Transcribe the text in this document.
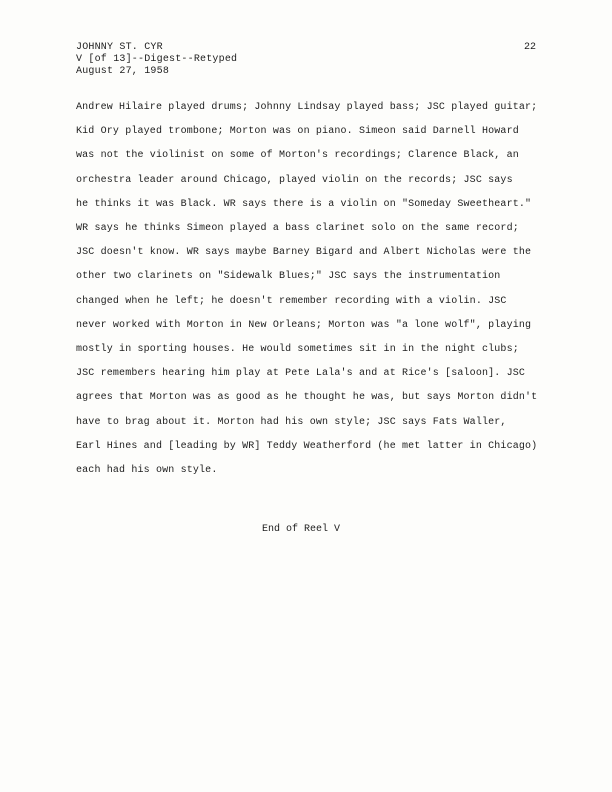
JOHNNY ST. CYR
V [of 13]--Digest--Retyped
August 27, 1958
22
Andrew Hilaire played drums; Johnny Lindsay played bass; JSC played guitar;
Kid Ory played trombone; Morton was on piano. Simeon said Darnell Howard
was not the violinist on some of Morton's recordings; Clarence Black, an
orchestra leader around Chicago, played violin on the records; JSC says
he thinks it was Black. WR says there is a violin on "Someday Sweetheart."
WR says he thinks Simeon played a bass clarinet solo on the same record;
JSC doesn't know. WR says maybe Barney Bigard and Albert Nicholas were the
other two clarinets on "Sidewalk Blues;" JSC says the instrumentation
changed when he left; he doesn't remember recording with a violin. JSC
never worked with Morton in New Orleans; Morton was "a lone wolf", playing
mostly in sporting houses. He would sometimes sit in in the night clubs;
JSC remembers hearing him play at Pete Lala's and at Rice's [saloon]. JSC
agrees that Morton was as good as he thought he was, but says Morton didn't
have to brag about it. Morton had his own style; JSC says Fats Waller,
Earl Hines and [leading by WR] Teddy Weatherford (he met latter in Chicago)
each had his own style.
End of Reel V
